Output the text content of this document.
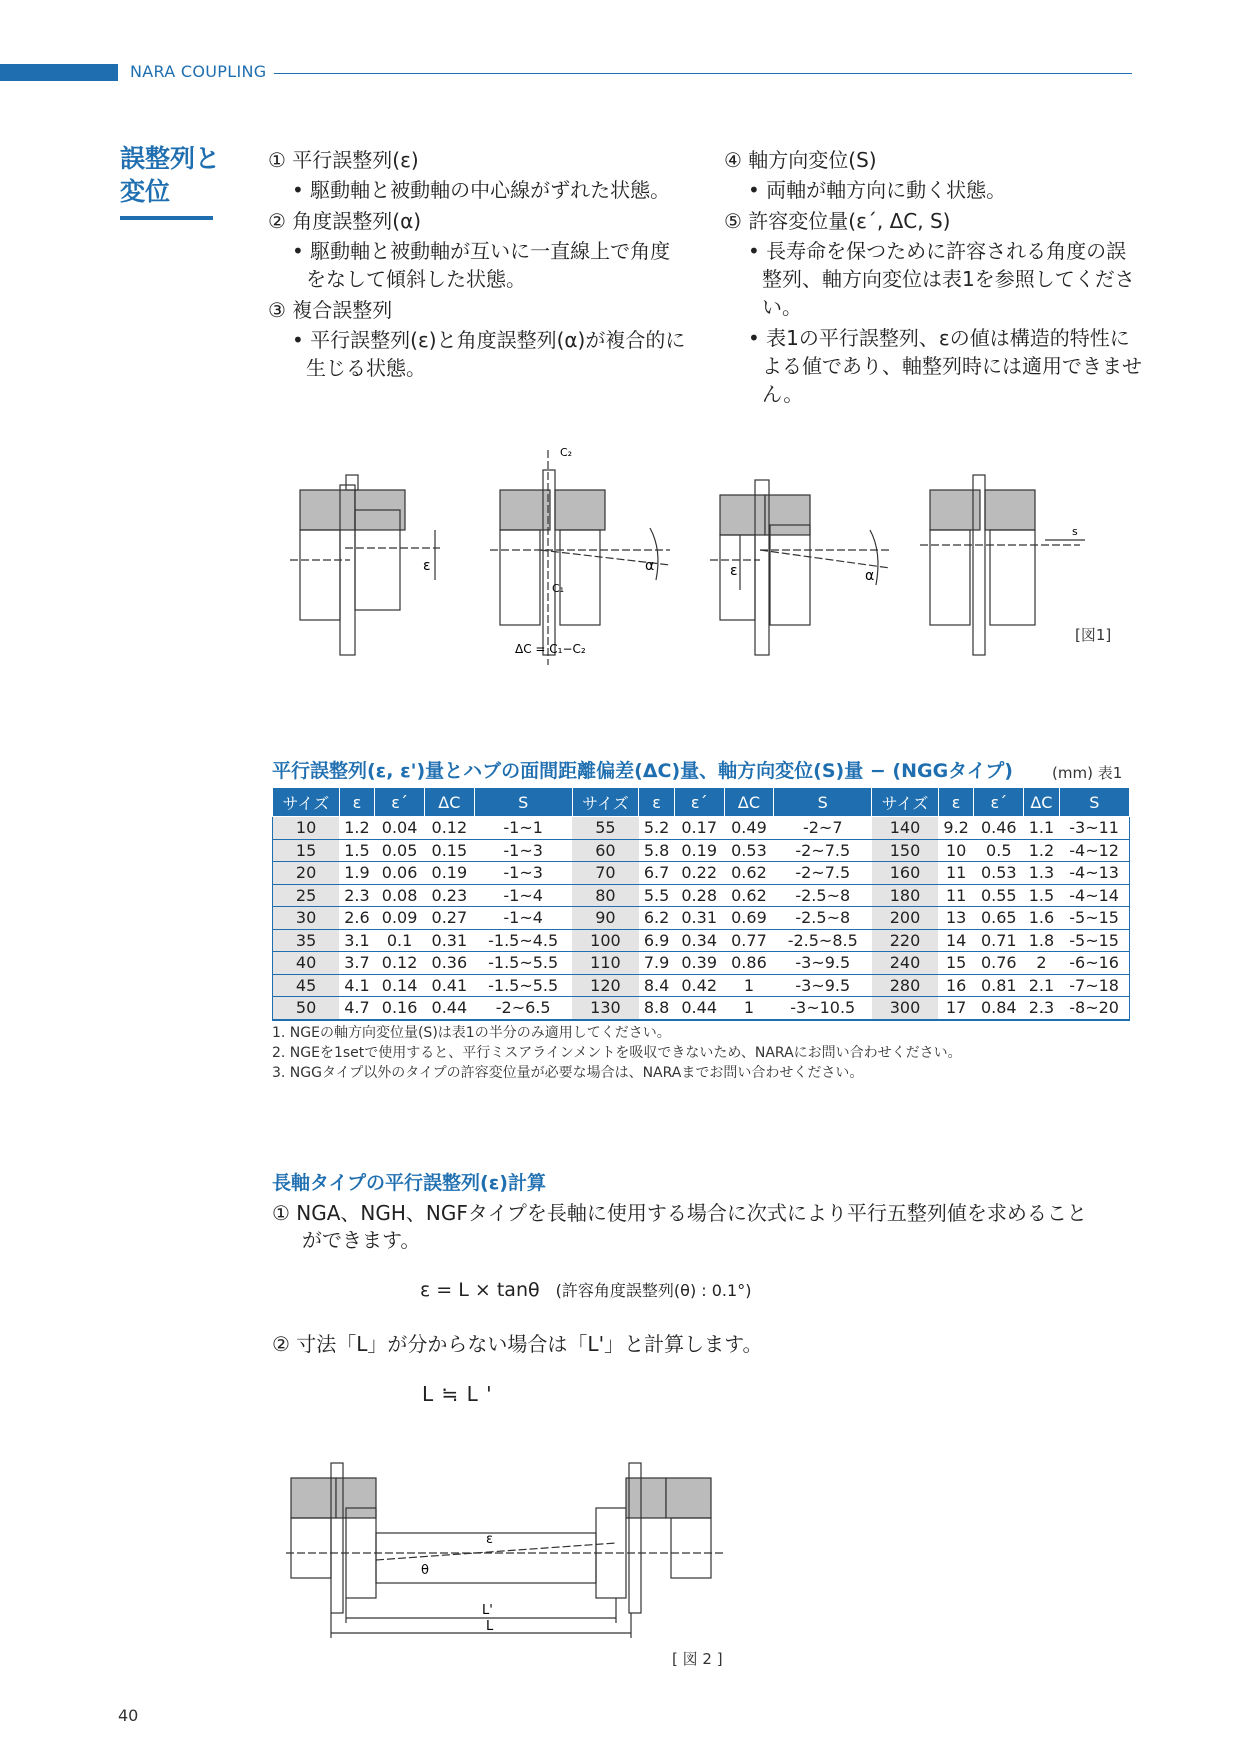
NARA COUPLING
誤整列と変位
① 平行誤整列(ε)
• 駆動軸と被動軸の中心線がずれた状態。
② 角度誤整列(α)
• 駆動軸と被動軸が互いに一直線上で角度をなして傾斜した状態。
③ 複合誤整列
• 平行誤整列(ε)と角度誤整列(α)が複合的に生じる状態。
④ 軸方向変位(S)
• 両軸が軸方向に動く状態。
⑤ 許容変位量(ε´, ΔC, S)
• 長寿命を保つために許容される角度の誤整列、軸方向変位は表1を参照してください。
• 表1の平行誤整列、εの値は構造的特性による値であり、軸整列時には適用できません。
C₂
C₁
ε	α	ε	α
s
ΔC = C₁−C₂
[図1]
平行誤整列(ε, ε')量とハブの面間距離偏差(ΔC)量、軸方向変位(S)量 − (NGGタイプ)	(mm) 表1
サイズ	ε	ε´	ΔC	S	サイズ	ε	ε´	ΔC	S	サイズ	ε	ε´	ΔC	S
10	1.2	0.04	0.12	-1~1	55	5.2	0.17	0.49	-2~7	140	9.2	0.46	1.1	-3~11
15	1.5	0.05	0.15	-1~3	60	5.8	0.19	0.53	-2~7.5	150	10	0.5	1.2	-4~12
20	1.9	0.06	0.19	-1~3	70	6.7	0.22	0.62	-2~7.5	160	11	0.53	1.3	-4~13
25	2.3	0.08	0.23	-1~4	80	5.5	0.28	0.62	-2.5~8	180	11	0.55	1.5	-4~14
30	2.6	0.09	0.27	-1~4	90	6.2	0.31	0.69	-2.5~8	200	13	0.65	1.6	-5~15
35	3.1	0.1	0.31	-1.5~4.5	100	6.9	0.34	0.77	-2.5~8.5	220	14	0.71	1.8	-5~15
40	3.7	0.12	0.36	-1.5~5.5	110	7.9	0.39	0.86	-3~9.5	240	15	0.76	2	-6~16
45	4.1	0.14	0.41	-1.5~5.5	120	8.4	0.42	1	-3~9.5	280	16	0.81	2.1	-7~18
50	4.7	0.16	0.44	-2~6.5	130	8.8	0.44	1	-3~10.5	300	17	0.84	2.3	-8~20
1. NGEの軸方向変位量(S)は表1の半分のみ適用してください。
2. NGEを1setで使用すると、平行ミスアラインメントを吸収できないため、NARAにお問い合わせください。
3. NGGタイプ以外のタイプの許容変位量が必要な場合は、NARAまでお問い合わせください。
長軸タイプの平行誤整列(ε)計算
① NGA、NGH、NGFタイプを長軸に使用する場合に次式により平行五整列値を求めること
ができます。
ε = L × tanθ (許容角度誤整列(θ) : 0.1°)
② 寸法「L」が分からない場合は「L'」と計算します。
L ≒ L '
ε
θ
L'
L
[ 図 2 ]
40
